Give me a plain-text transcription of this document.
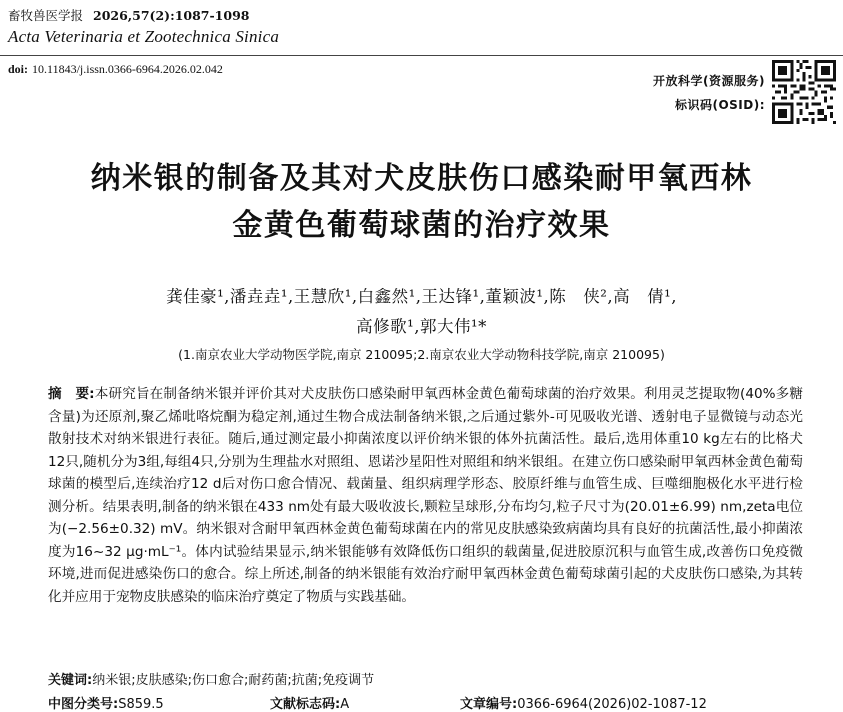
畜牧兽医学报 2026,57(2):1087-1098
Acta Veterinaria et Zootechnica Sinica
doi: 10.11843/j.issn.0366-6964.2026.02.042
开放科学(资源服务)
标识码(OSID):
纳米银的制备及其对犬皮肤伤口感染耐甲氧西林
金黄色葡萄球菌的治疗效果
龚佳豪¹,潘垚垚¹,王慧欣¹,白鑫然¹,王达锋¹,董颖波¹,陈　侠²,高　倩¹,
高修歌¹,郭大伟¹*
(1.南京农业大学动物医学院,南京 210095;2.南京农业大学动物科技学院,南京 210095)
摘　要:本研究旨在制备纳米银并评价其对犬皮肤伤口感染耐甲氧西林金黄色葡萄球菌的治疗效果。利用灵芝提取物(40%多糖含量)为还原剂,聚乙烯吡咯烷酮为稳定剂,通过生物合成法制备纳米银,之后通过紫外-可见吸收光谱、透射电子显微镜与动态光散射技术对纳米银进行表征。随后,通过测定最小抑菌浓度以评价纳米银的体外抗菌活性。最后,选用体重10 kg左右的比格犬12只,随机分为3组,每组4只,分别为生理盐水对照组、恩诺沙星阳性对照组和纳米银组。在建立伤口感染耐甲氧西林金黄色葡萄球菌的模型后,连续治疗12 d后对伤口愈合情况、载菌量、组织病理学形态、胶原纤维与血管生成、巨噬细胞极化水平进行检测分析。结果表明,制备的纳米银在433 nm处有最大吸收波长,颗粒呈球形,分布均匀,粒子尺寸为(20.01±6.99) nm,zeta电位为(−2.56±0.32) mV。纳米银对含耐甲氧西林金黄色葡萄球菌在内的常见皮肤感染致病菌均具有良好的抗菌活性,最小抑菌浓度为16~32 μg·mL⁻¹。体内试验结果显示,纳米银能够有效降低伤口组织的载菌量,促进胶原沉积与血管生成,改善伤口免疫微环境,进而促进感染伤口的愈合。综上所述,制备的纳米银能有效治疗耐甲氧西林金黄色葡萄球菌引起的犬皮肤伤口感染,为其转化并应用于宠物皮肤感染的临床治疗奠定了物质与实践基础。
关键词:纳米银;皮肤感染;伤口愈合;耐药菌;抗菌;免疫调节
中图分类号:S859.5	文献标志码:A	文章编号:0366-6964(2026)02-1087-12
